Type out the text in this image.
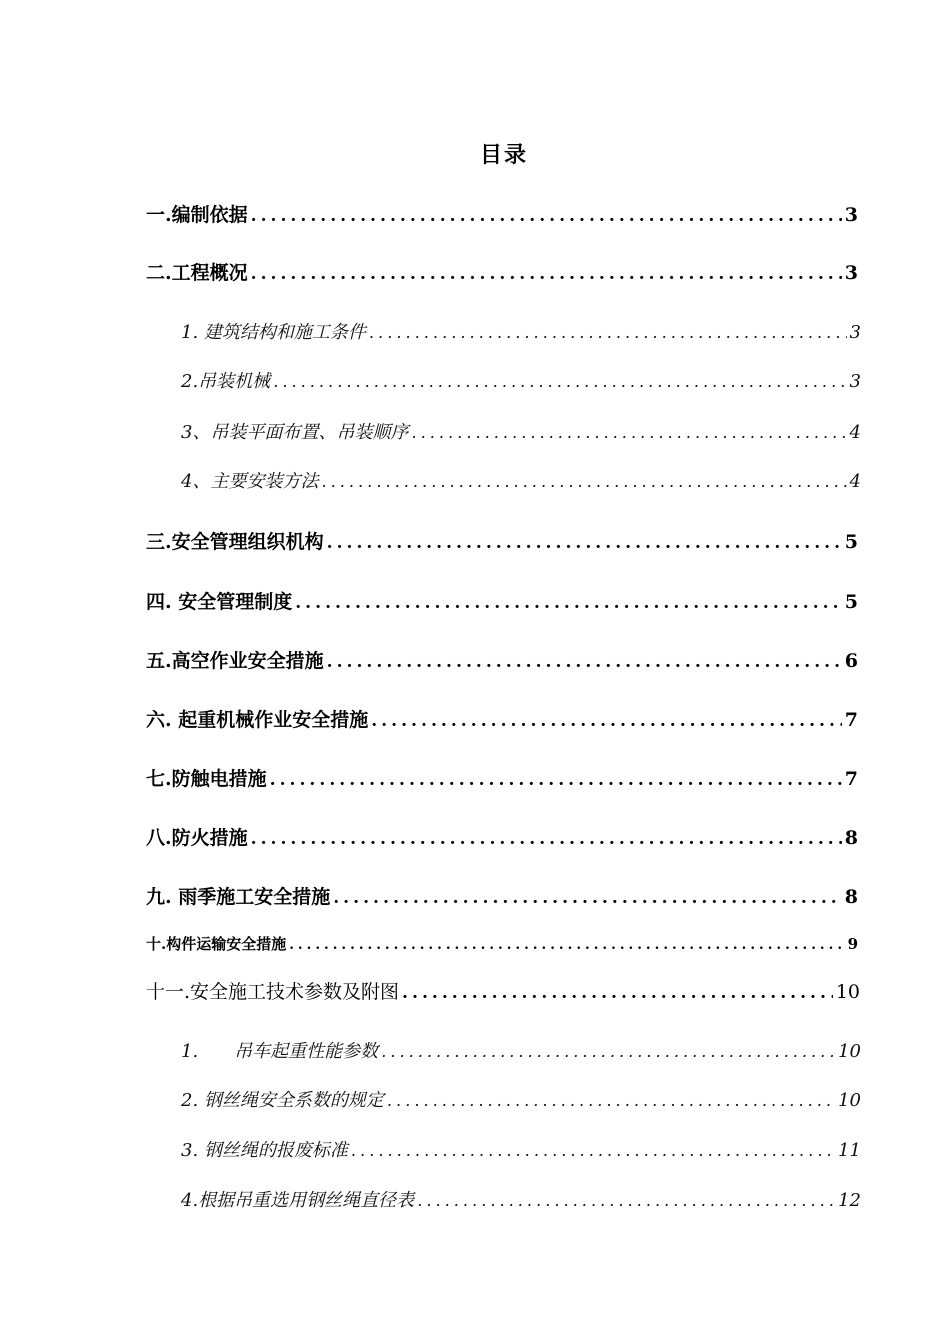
目录
一.编制依据 .....	3
二.工程概况 .....	3
1. 建筑结构和施工条件 .....	3
2.吊装机械 .....	3
3、吊装平面布置、吊装顺序 .....	4
4、主要安装方法 .....	4
三.安全管理组织机构 .....	5
四. 安全管理制度 .....	5
五.高空作业安全措施 .....	6
六. 起重机械作业安全措施 .....	7
七.防触电措施 .....	7
八.防火措施 .....	8
九. 雨季施工安全措施 .....	8
十.构件运输安全措施 .....	9
十一.安全施工技术参数及附图 .....	10
1. 吊车起重性能参数 .....	10
2. 钢丝绳安全系数的规定 .....	10
3. 钢丝绳的报废标准 .....	11
4.根据吊重选用钢丝绳直径表 .....	12
